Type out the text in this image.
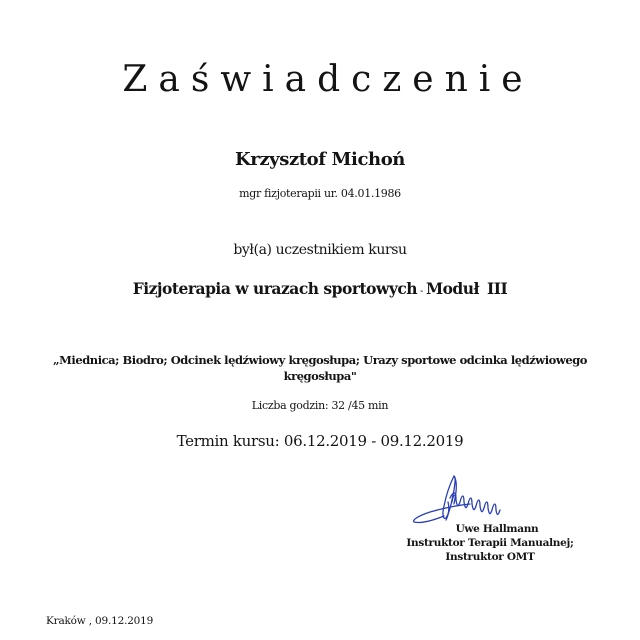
Zaświadczenie
Krzysztof Michoń
mgr fizjoterapii ur. 04.01.1986
był(a) uczestnikiem kursu
Fizjoterapia w urazach sportowych - Moduł III
„Miednica; Biodro; Odcinek lędźwiowy kręgosłupa; Urazy sportowe odcinka lędźwiowego kręgosłupa"
Liczba godzin: 32 /45 min
Termin kursu: 06.12.2019 - 09.12.2019
Uwe Hallmann
Instruktor Terapii Manualnej;
Instruktor OMT
Kraków , 09.12.2019
